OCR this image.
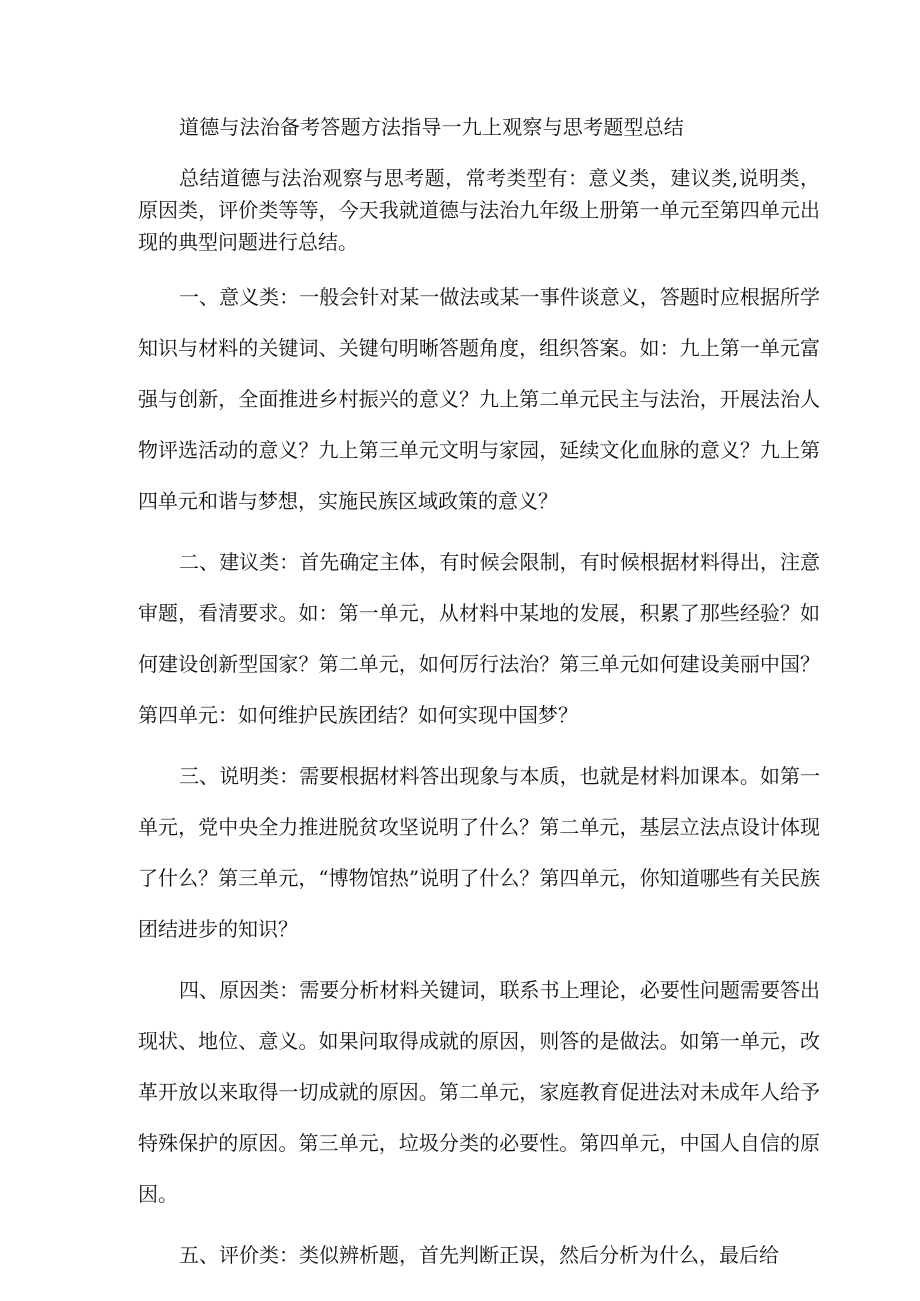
道德与法治备考答题方法指导一九上观察与思考题型总结

总结道德与法治观察与思考题，常考类型有：意义类，建议类,说明类，原因类，评价类等等，今天我就道德与法治九年级上册第一单元至第四单元出现的典型问题进行总结。

一、意义类：一般会针对某一做法或某一事件谈意义，答题时应根据所学知识与材料的关键词、关键句明晰答题角度，组织答案。如：九上第一单元富强与创新，全面推进乡村振兴的意义？九上第二单元民主与法治，开展法治人物评选活动的意义？九上第三单元文明与家园，延续文化血脉的意义？九上第四单元和谐与梦想，实施民族区域政策的意义？

二、建议类：首先确定主体，有时候会限制，有时候根据材料得出，注意审题，看清要求。如：第一单元，从材料中某地的发展，积累了那些经验？如何建设创新型国家？第二单元，如何厉行法治？第三单元如何建设美丽中国？第四单元：如何维护民族团结？如何实现中国梦？

三、说明类：需要根据材料答出现象与本质，也就是材料加课本。如第一单元，党中央全力推进脱贫攻坚说明了什么？第二单元，基层立法点设计体现了什么？第三单元，“博物馆热”说明了什么？第四单元，你知道哪些有关民族团结进步的知识？

四、原因类：需要分析材料关键词，联系书上理论，必要性问题需要答出现状、地位、意义。如果问取得成就的原因，则答的是做法。如第一单元，改革开放以来取得一切成就的原因。第二单元，家庭教育促进法对未成年人给予特殊保护的原因。第三单元，垃圾分类的必要性。第四单元，中国人自信的原因。

五、评价类：类似辨析题，首先判断正误，然后分析为什么，最后给
